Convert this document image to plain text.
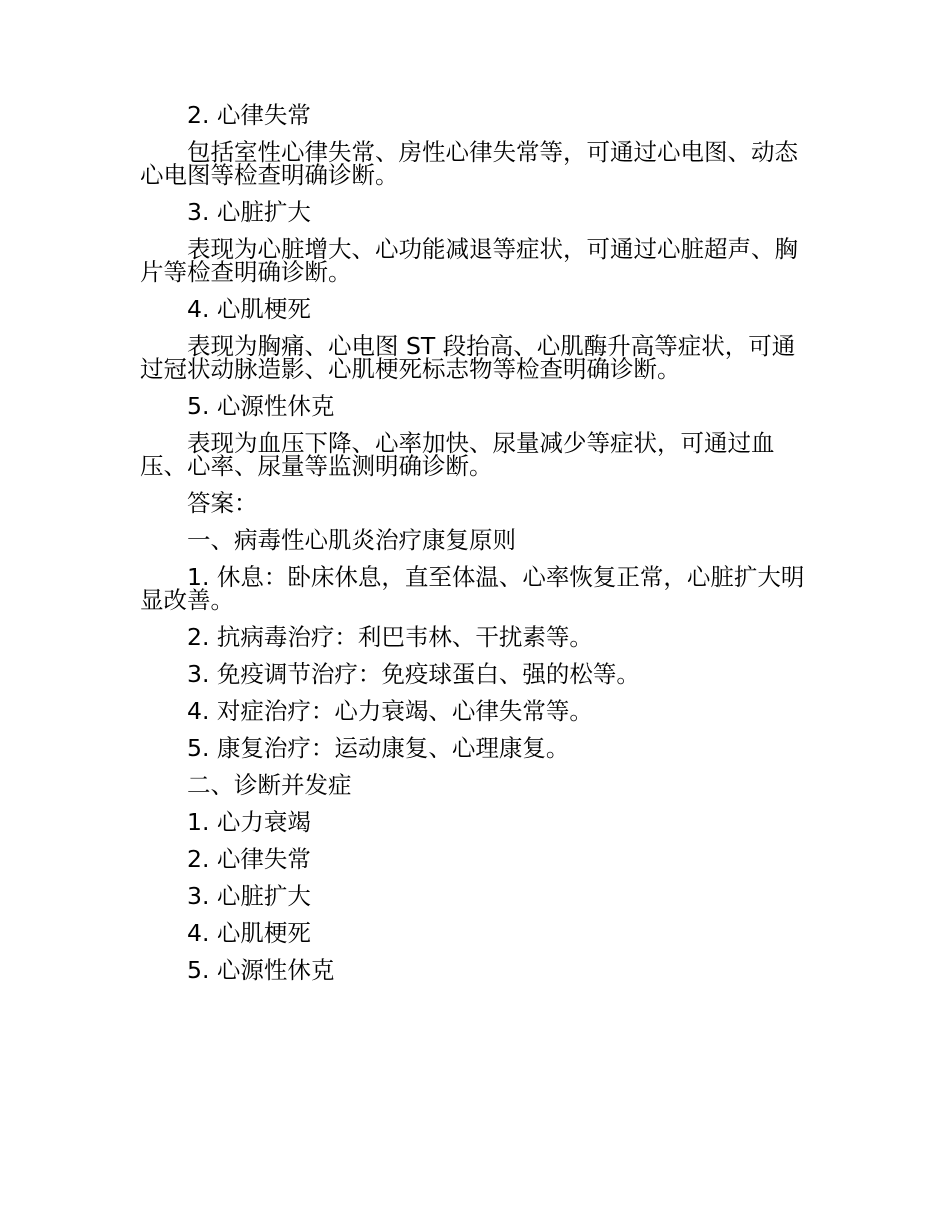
2. 心律失常

包括室性心律失常、房性心律失常等，可通过心电图、动态心电图等检查明确诊断。

3. 心脏扩大

表现为心脏增大、心功能减退等症状，可通过心脏超声、胸片等检查明确诊断。

4. 心肌梗死

表现为胸痛、心电图 ST 段抬高、心肌酶升高等症状，可通过冠状动脉造影、心肌梗死标志物等检查明确诊断。

5. 心源性休克

表现为血压下降、心率加快、尿量减少等症状，可通过血压、心率、尿量等监测明确诊断。

答案：

一、病毒性心肌炎治疗康复原则

1. 休息：卧床休息，直至体温、心率恢复正常，心脏扩大明显改善。

2. 抗病毒治疗：利巴韦林、干扰素等。

3. 免疫调节治疗：免疫球蛋白、强的松等。

4. 对症治疗：心力衰竭、心律失常等。

5. 康复治疗：运动康复、心理康复。

二、诊断并发症

1. 心力衰竭

2. 心律失常

3. 心脏扩大

4. 心肌梗死

5. 心源性休克
